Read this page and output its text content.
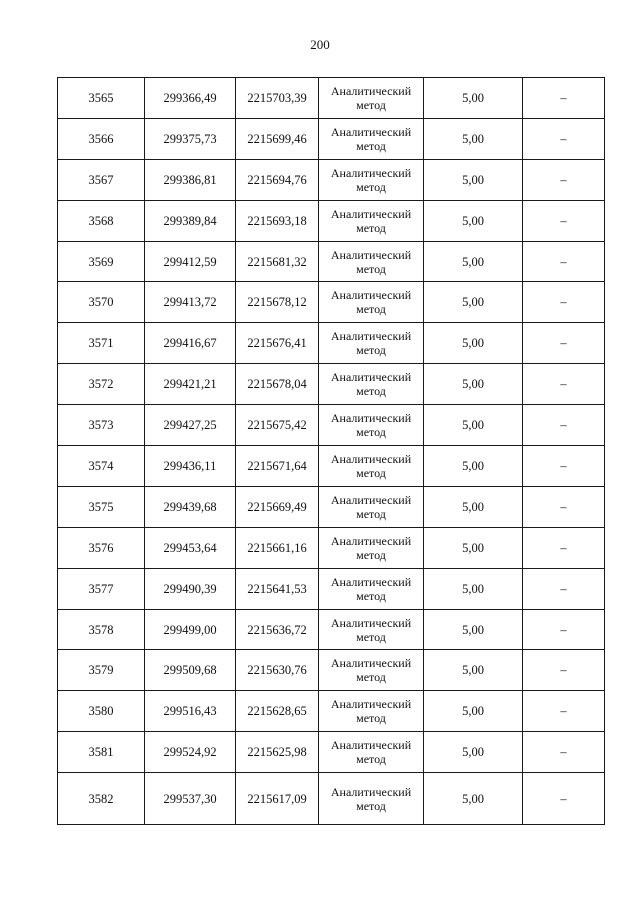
200
3565	299366,49	2215703,39	Аналитический метод	5,00	–
3566	299375,73	2215699,46	Аналитический метод	5,00	–
3567	299386,81	2215694,76	Аналитический метод	5,00	–
3568	299389,84	2215693,18	Аналитический метод	5,00	–
3569	299412,59	2215681,32	Аналитический метод	5,00	–
3570	299413,72	2215678,12	Аналитический метод	5,00	–
3571	299416,67	2215676,41	Аналитический метод	5,00	–
3572	299421,21	2215678,04	Аналитический метод	5,00	–
3573	299427,25	2215675,42	Аналитический метод	5,00	–
3574	299436,11	2215671,64	Аналитический метод	5,00	–
3575	299439,68	2215669,49	Аналитический метод	5,00	–
3576	299453,64	2215661,16	Аналитический метод	5,00	–
3577	299490,39	2215641,53	Аналитический метод	5,00	–
3578	299499,00	2215636,72	Аналитический метод	5,00	–
3579	299509,68	2215630,76	Аналитический метод	5,00	–
3580	299516,43	2215628,65	Аналитический метод	5,00	–
3581	299524,92	2215625,98	Аналитический метод	5,00	–
3582	299537,30	2215617,09	Аналитический метод	5,00	–
